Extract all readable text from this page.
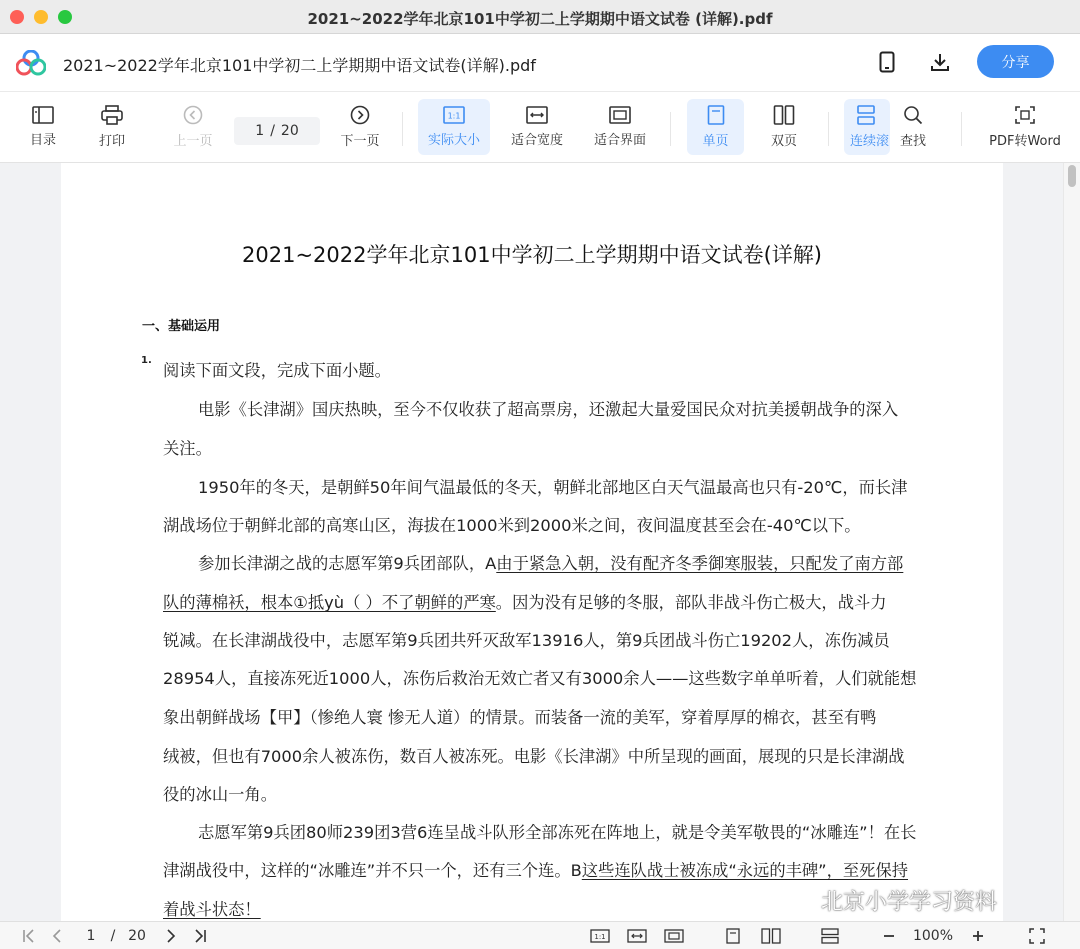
2021~2022学年北京101中学初二上学期期中语文试卷 (详解).pdf
2021~2022学年北京101中学初二上学期期中语文试卷(详解).pdf	分享
目录	打印	上一页
1 / 20
下一页
1:1
实际大小 适合宽度 适合界面	单页	双页	连续滚 查找	PDF转Word
2021~2022学年北京101中学初二上学期期中语文试卷(详解)
一、基础运用
1.
阅读下面文段，完成下面小题。
电影《长津湖》国庆热映，至今不仅收获了超高票房，还激起大量爱国民众对抗美援朝战争的深入
关注。
1950年的冬天，是朝鲜50年间气温最低的冬天，朝鲜北部地区白天气温最高也只有-20℃，而长津
湖战场位于朝鲜北部的高寒山区，海拔在1000米到2000米之间，夜间温度甚至会在-40℃以下。
参加长津湖之战的志愿军第9兵团部队，A由于紧急入朝，没有配齐冬季御寒服装，只配发了南方部
队的薄棉袄，根本①抵yù（ ）不了朝鲜的严寒。因为没有足够的冬服，部队非战斗伤亡极大，战斗力
锐减。在长津湖战役中，志愿军第9兵团共歼灭敌军13916人，第9兵团战斗伤亡19202人，冻伤减员
28954人，直接冻死近1000人，冻伤后救治无效亡者又有3000余人——这些数字单单听着，人们就能想
象出朝鲜战场【甲】（惨绝人寰 惨无人道）的情景。而装备一流的美军，穿着厚厚的棉衣，甚至有鸭
绒被，但也有7000余人被冻伤，数百人被冻死。电影《长津湖》中所呈现的画面，展现的只是长津湖战
役的冰山一角。
志愿军第9兵团80师239团3营6连呈战斗队形全部冻死在阵地上，就是令美军敬畏的“冰雕连”！在长
津湖战役中，这样的“冰雕连”并不只一个，还有三个连。B这些连队战士被冻成“永远的丰碑”，至死保持
着战斗状态！	北京小学学习资料
1 / 20	1:1	100%
